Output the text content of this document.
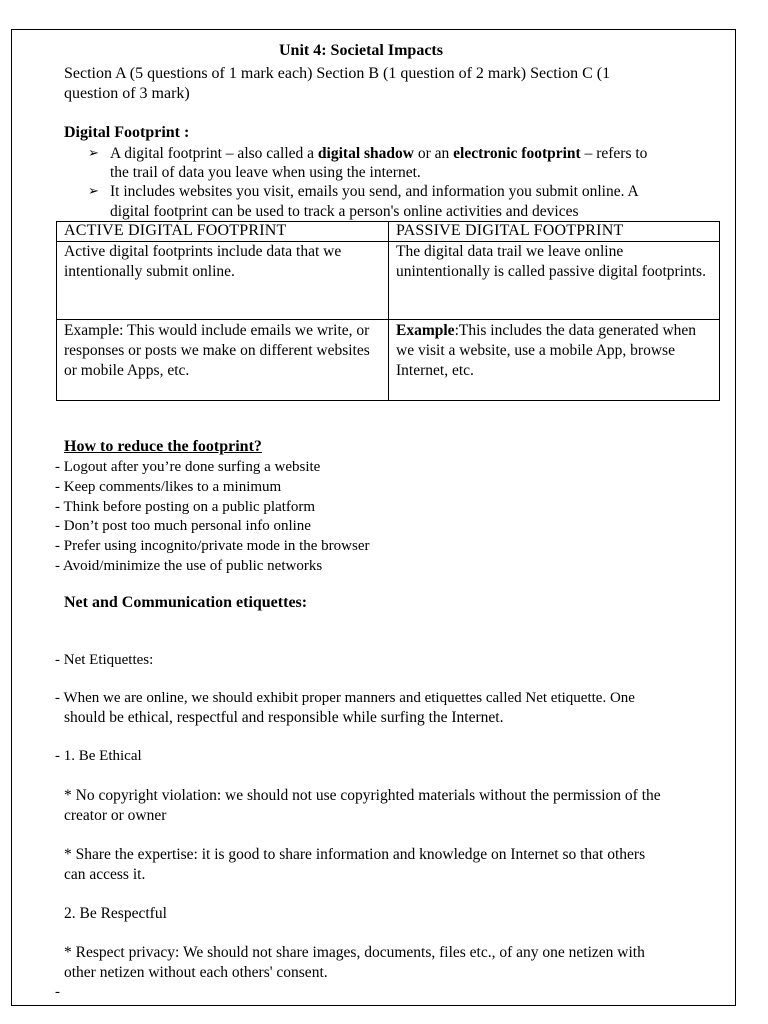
Unit 4: Societal Impacts
Section A (5 questions of 1 mark each) Section B (1 question of 2 mark) Section C (1
question of 3 mark)
Digital Footprint :
➢ A digital footprint – also called a digital shadow or an electronic footprint – refers to
the trail of data you leave when using the internet.
➢ It includes websites you visit, emails you send, and information you submit online. A
digital footprint can be used to track a person's online activities and devices
ACTIVE DIGITAL FOOTPRINT	PASSIVE DIGITAL FOOTPRINT
Active digital footprints include data that we intentionally submit online.	The digital data trail we leave online unintentionally is called passive digital footprints.
Example: This would include emails we write, or responses or posts we make on different websites or mobile Apps, etc.	Example:This includes the data generated when we visit a website, use a mobile App, browse Internet, etc.
How to reduce the footprint?
- Logout after you’re done surfing a website
- Keep comments/likes to a minimum
- Think before posting on a public platform
- Don’t post too much personal info online
- Prefer using incognito/private mode in the browser
- Avoid/minimize the use of public networks
Net and Communication etiquettes:
- Net Etiquettes:
- When we are online, we should exhibit proper manners and etiquettes called Net etiquette. One
should be ethical, respectful and responsible while surfing the Internet.
- 1. Be Ethical
* No copyright violation: we should not use copyrighted materials without the permission of the
creator or owner
* Share the expertise: it is good to share information and knowledge on Internet so that others
can access it.
2. Be Respectful
* Respect privacy: We should not share images, documents, files etc., of any one netizen with
other netizen without each others' consent.
-
